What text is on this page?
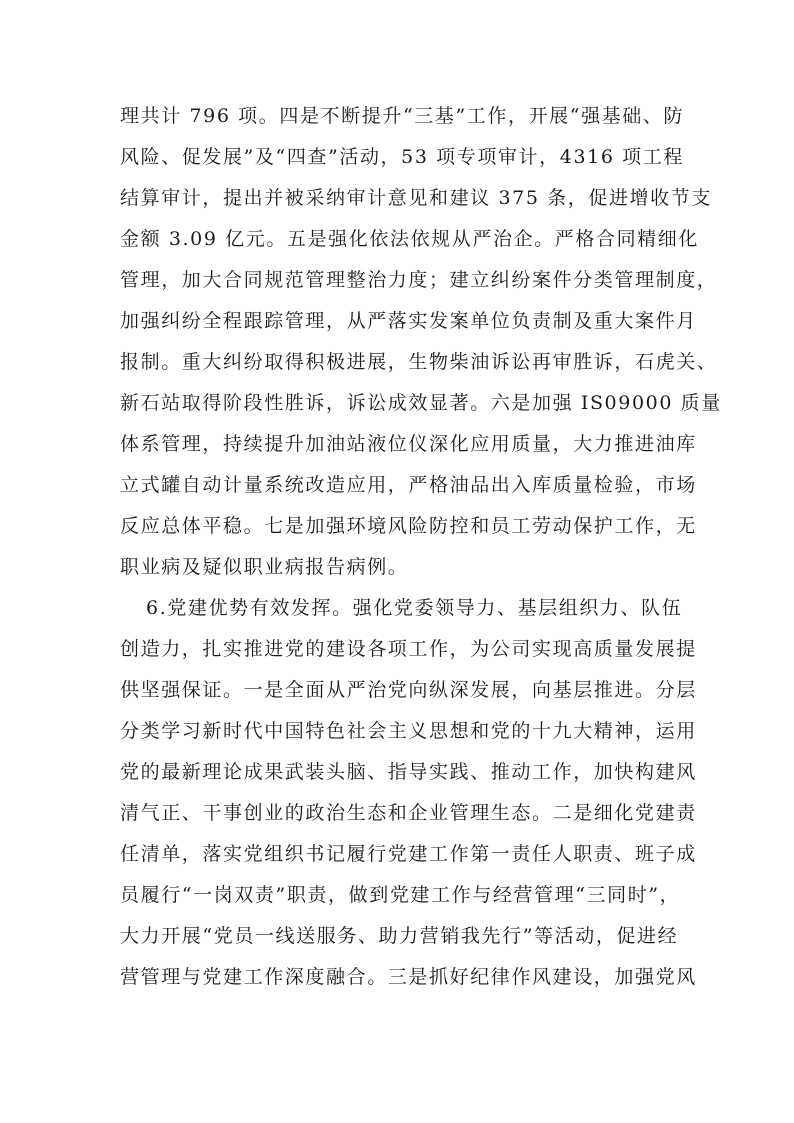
理共计 796 项。四是不断提升“三基”工作，开展“强基础、防
风险、促发展”及“四查”活动，53 项专项审计，4316 项工程
结算审计，提出并被采纳审计意见和建议 375 条，促进增收节支
金额 3.09 亿元。五是强化依法依规从严治企。严格合同精细化
管理，加大合同规范管理整治力度；建立纠纷案件分类管理制度，
加强纠纷全程跟踪管理，从严落实发案单位负责制及重大案件月
报制。重大纠纷取得积极进展，生物柴油诉讼再审胜诉，石虎关、
新石站取得阶段性胜诉，诉讼成效显著。六是加强 IS09000 质量
体系管理，持续提升加油站液位仪深化应用质量，大力推进油库
立式罐自动计量系统改造应用，严格油品出入库质量检验，市场
反应总体平稳。七是加强环境风险防控和员工劳动保护工作，无
职业病及疑似职业病报告病例。
6.党建优势有效发挥。强化党委领导力、基层组织力、队伍
创造力，扎实推进党的建设各项工作，为公司实现高质量发展提
供坚强保证。一是全面从严治党向纵深发展，向基层推进。分层
分类学习新时代中国特色社会主义思想和党的十九大精神，运用
党的最新理论成果武装头脑、指导实践、推动工作，加快构建风
清气正、干事创业的政治生态和企业管理生态。二是细化党建责
任清单，落实党组织书记履行党建工作第一责任人职责、班子成
员履行“一岗双责”职责，做到党建工作与经营管理“三同时”，
大力开展“党员一线送服务、助力营销我先行”等活动，促进经
营管理与党建工作深度融合。三是抓好纪律作风建设，加强党风
